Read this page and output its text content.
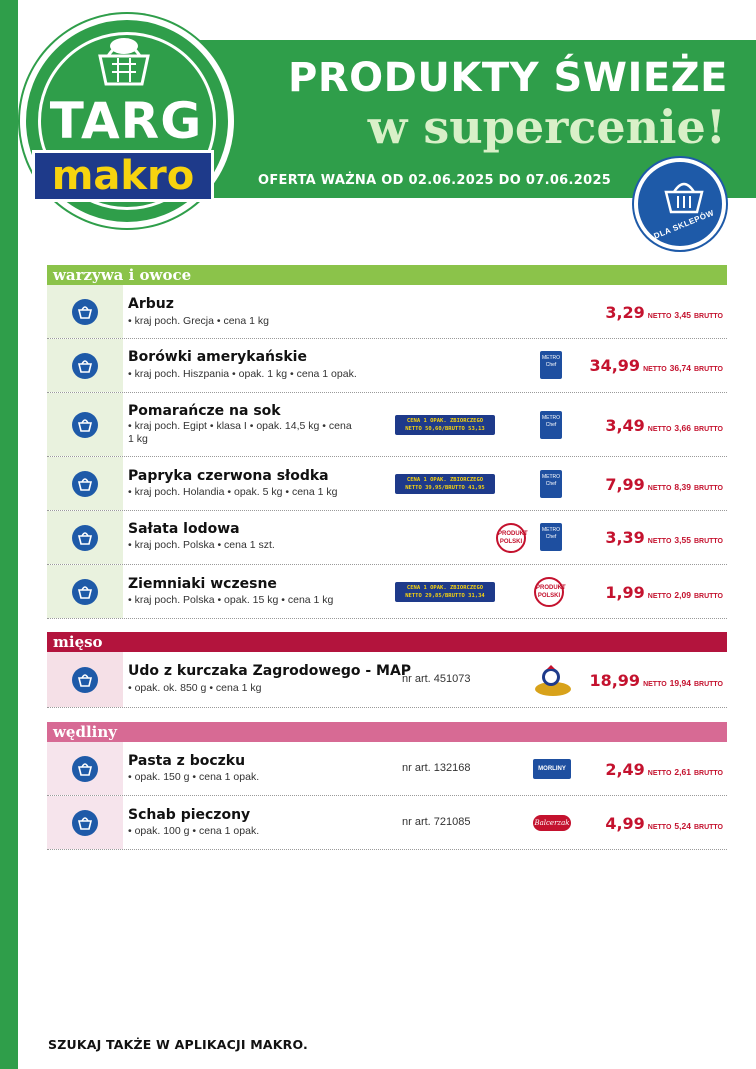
TARG
makro
PRODUKTY ŚWIEŻE
w supercenie!
OFERTA WAŻNA OD 02.06.2025 DO 07.06.2025
DLA SKLEPÓW
warzywa i owoce
Arbuz
• kraj poch. Grecja • cena 1 kg	3,29 NETTO 3,45 BRUTTO
Borówki amerykańskie
• kraj poch. Hiszpania • opak. 1 kg • cena 1 opak.
METRO Chef	34,99 NETTO 36,74 BRUTTO
Pomarańcze na sok
• kraj poch. Egipt • klasa I • opak. 14,5 kg • cena 1 kg
CENA 1 OPAK. ZBIORCZEGO
NETTO 50,60/BRUTTO 53,13
METRO Chef	3,49 NETTO 3,66 BRUTTO
Papryka czerwona słodka
• kraj poch. Holandia • opak. 5 kg • cena 1 kg
CENA 1 OPAK. ZBIORCZEGO
NETTO 39,95/BRUTTO 41,95
METRO Chef	7,99 NETTO 8,39 BRUTTO
Sałata lodowa
• kraj poch. Polska • cena 1 szt.
PRODUKT POLSKI
METRO Chef	3,39 NETTO 3,55 BRUTTO
Ziemniaki wczesne
• kraj poch. Polska • opak. 15 kg • cena 1 kg
CENA 1 OPAK. ZBIORCZEGO
NETTO 29,85/BRUTTO 31,34
PRODUKT POLSKI	1,99 NETTO 2,09 BRUTTO
mięso
Udo z kurczaka Zagrodowego - MAP
• opak. ok. 850 g • cena 1 kg
nr art. 451073	18,99 NETTO 19,94 BRUTTO
wędliny
Pasta z boczku
• opak. 150 g • cena 1 opak.
nr art. 132168	MORLINY	2,49 NETTO 2,61 BRUTTO
Schab pieczony
• opak. 100 g • cena 1 opak.
nr art. 721085	Balcerzak 4,99 NETTO 5,24 BRUTTO
SZUKAJ TAKŻE W APLIKACJI MAKRO.
